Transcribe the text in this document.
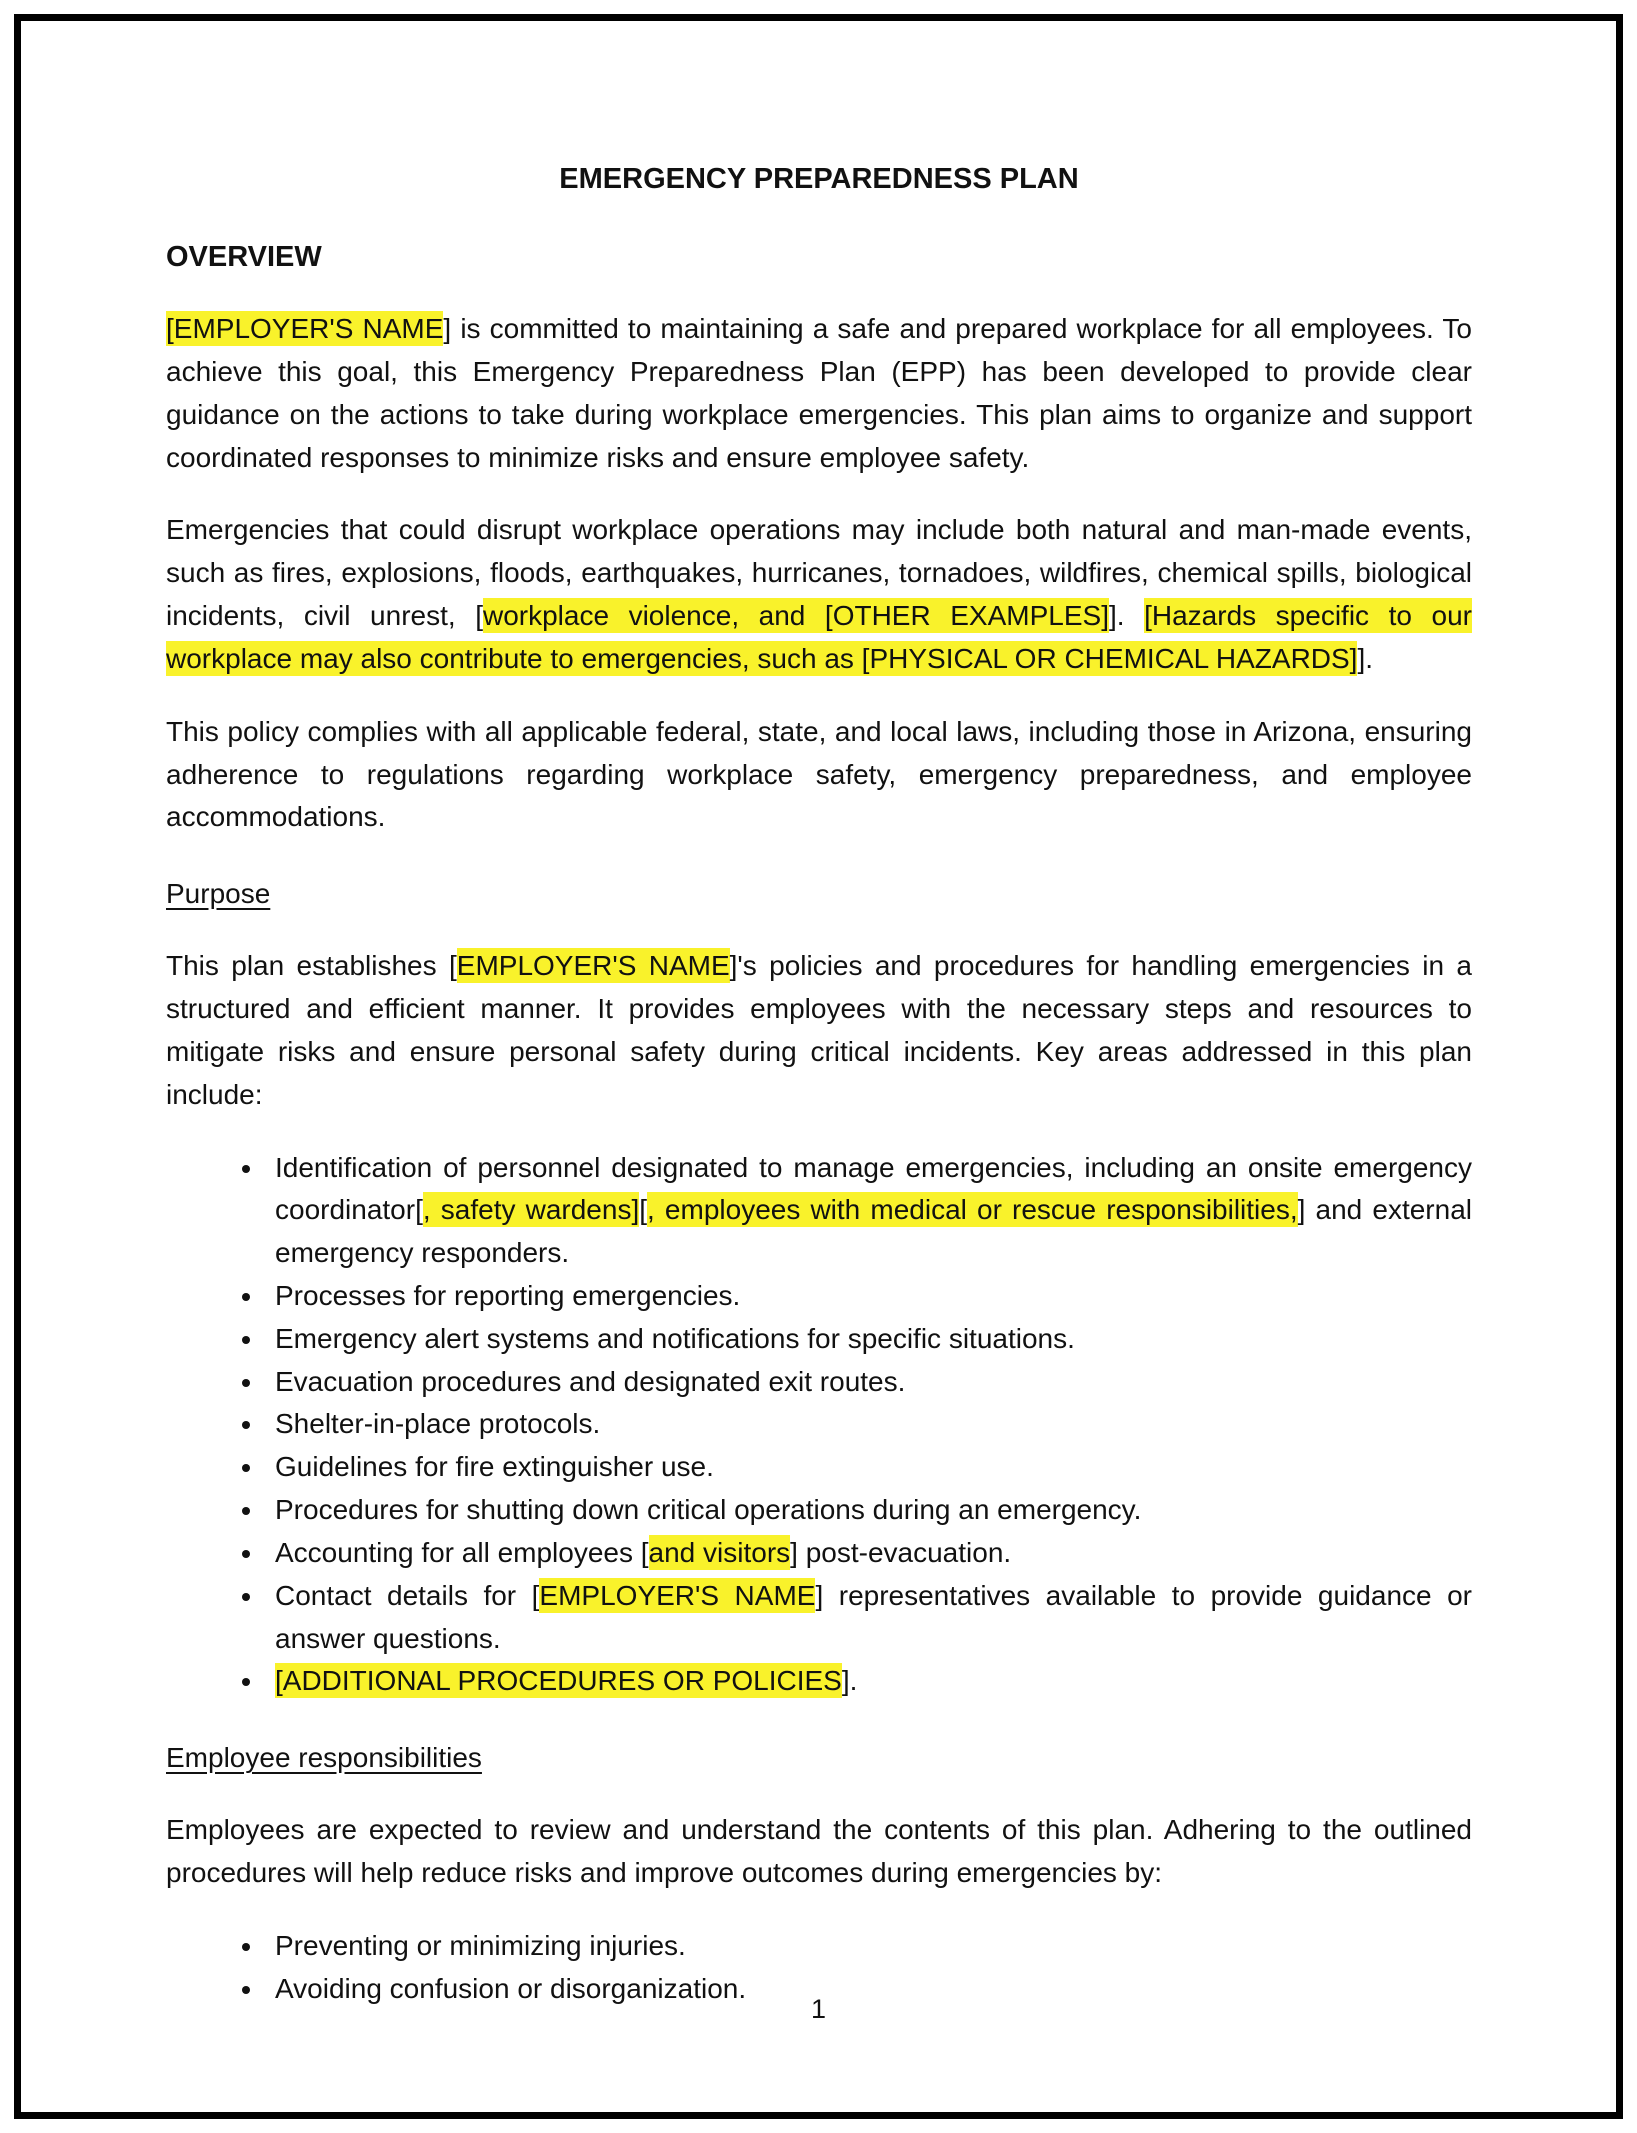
EMERGENCY PREPAREDNESS PLAN
OVERVIEW

[EMPLOYER'S NAME] is committed to maintaining a safe and prepared workplace for all employees. To achieve this goal, this Emergency Preparedness Plan (EPP) has been developed to provide clear guidance on the actions to take during workplace emergencies. This plan aims to organize and support coordinated responses to minimize risks and ensure employee safety.

Emergencies that could disrupt workplace operations may include both natural and man-made events, such as fires, explosions, floods, earthquakes, hurricanes, tornadoes, wildfires, chemical spills, biological incidents, civil unrest, [workplace violence, and [OTHER EXAMPLES]]. [Hazards specific to our workplace may also contribute to emergencies, such as [PHYSICAL OR CHEMICAL HAZARDS]].

This policy complies with all applicable federal, state, and local laws, including those in Arizona, ensuring adherence to regulations regarding workplace safety, emergency preparedness, and employee accommodations.

Purpose

This plan establishes [EMPLOYER'S NAME]'s policies and procedures for handling emergencies in a structured and efficient manner. It provides employees with the necessary steps and resources to mitigate risks and ensure personal safety during critical incidents. Key areas addressed in this plan include:

• Identification of personnel designated to manage emergencies, including an onsite emergency coordinator[, safety wardens][, employees with medical or rescue responsibilities,] and external emergency responders.
• Processes for reporting emergencies.
• Emergency alert systems and notifications for specific situations.
• Evacuation procedures and designated exit routes.
• Shelter-in-place protocols.
• Guidelines for fire extinguisher use.
• Procedures for shutting down critical operations during an emergency.
• Accounting for all employees [and visitors] post-evacuation.
• Contact details for [EMPLOYER'S NAME] representatives available to provide guidance or answer questions.
• [ADDITIONAL PROCEDURES OR POLICIES].
Employee responsibilities

Employees are expected to review and understand the contents of this plan. Adhering to the outlined procedures will help reduce risks and improve outcomes during emergencies by:

• Preventing or minimizing injuries.
• Avoiding confusion or disorganization.
1
